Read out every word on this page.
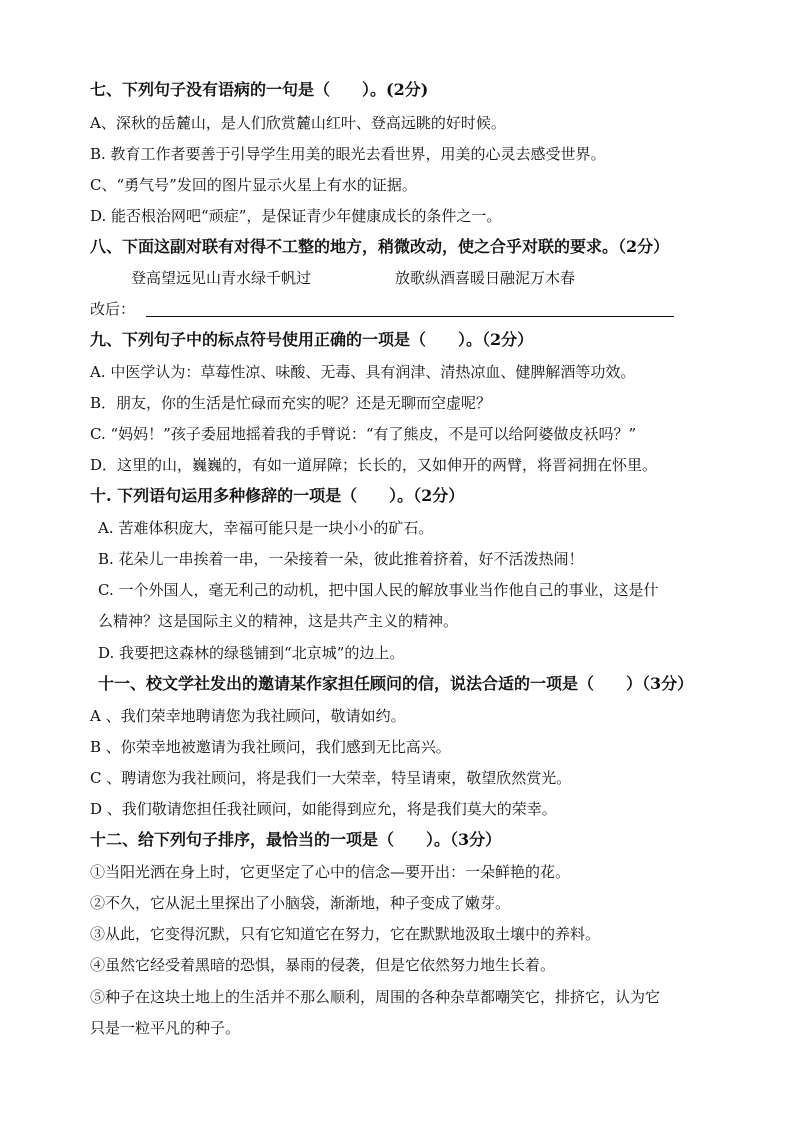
七、下列句子没有语病的一句是（　　）。(2分)
A、深秋的岳麓山，是人们欣赏麓山红叶、登高远眺的好时候。
B. 教育工作者要善于引导学生用美的眼光去看世界，用美的心灵去感受世界。
C、“勇气号”发回的图片显示火星上有水的证据。
D. 能否根治网吧“顽症”，是保证青少年健康成长的条件之一。
八、下面这副对联有对得不工整的地方，稍微改动，使之合乎对联的要求。（2分）
登高望远见山青水绿千帆过	放歌纵酒喜暖日融泥万木春
改后：
九、下列句子中的标点符号使用正确的一项是（　　）。（2分）
A. 中医学认为：草莓性凉、味酸、无毒、具有润津、清热凉血、健脾解酒等功效。
B．朋友，你的生活是忙碌而充实的呢？还是无聊而空虚呢？
C. “妈妈！”孩子委屈地摇着我的手臂说：“有了熊皮，不是可以给阿婆做皮袄吗？”
D．这里的山，巍巍的，有如一道屏障；长长的，又如伸开的两臂，将晋祠拥在怀里。
十. 下列语句运用多种修辞的一项是（　　）。（2分）
A. 苦难体积庞大，幸福可能只是一块小小的矿石。
B. 花朵儿一串挨着一串，一朵接着一朵，彼此推着挤着，好不活泼热闹！
C. 一个外国人，毫无利己的动机，把中国人民的解放事业当作他自己的事业，这是什
么精神？这是国际主义的精神，这是共产主义的精神。
D. 我要把这森林的绿毯铺到“北京城”的边上。
十一、校文学社发出的邀请某作家担任顾问的信，说法合适的一项是（　　）（3分）
A 、我们荣幸地聘请您为我社顾问，敬请如约。
B 、你荣幸地被邀请为我社顾问，我们感到无比高兴。
C 、聘请您为我社顾问，将是我们一大荣幸，特呈请柬，敬望欣然赏光。
D 、我们敬请您担任我社顾问，如能得到应允，将是我们莫大的荣幸。
十二、给下列句子排序，最恰当的一项是（　　）。（3分）
①当阳光洒在身上时，它更坚定了心中的信念—要开出：一朵鲜艳的花。
②不久，它从泥土里探出了小脑袋，渐渐地，种子变成了嫩芽。
③从此，它变得沉默，只有它知道它在努力，它在默默地汲取土壤中的养料。
④虽然它经受着黑暗的恐惧，暴雨的侵袭，但是它依然努力地生长着。
⑤种子在这块土地上的生活并不那么顺利，周围的各种杂草都嘲笑它，排挤它，认为它
只是一粒平凡的种子。
